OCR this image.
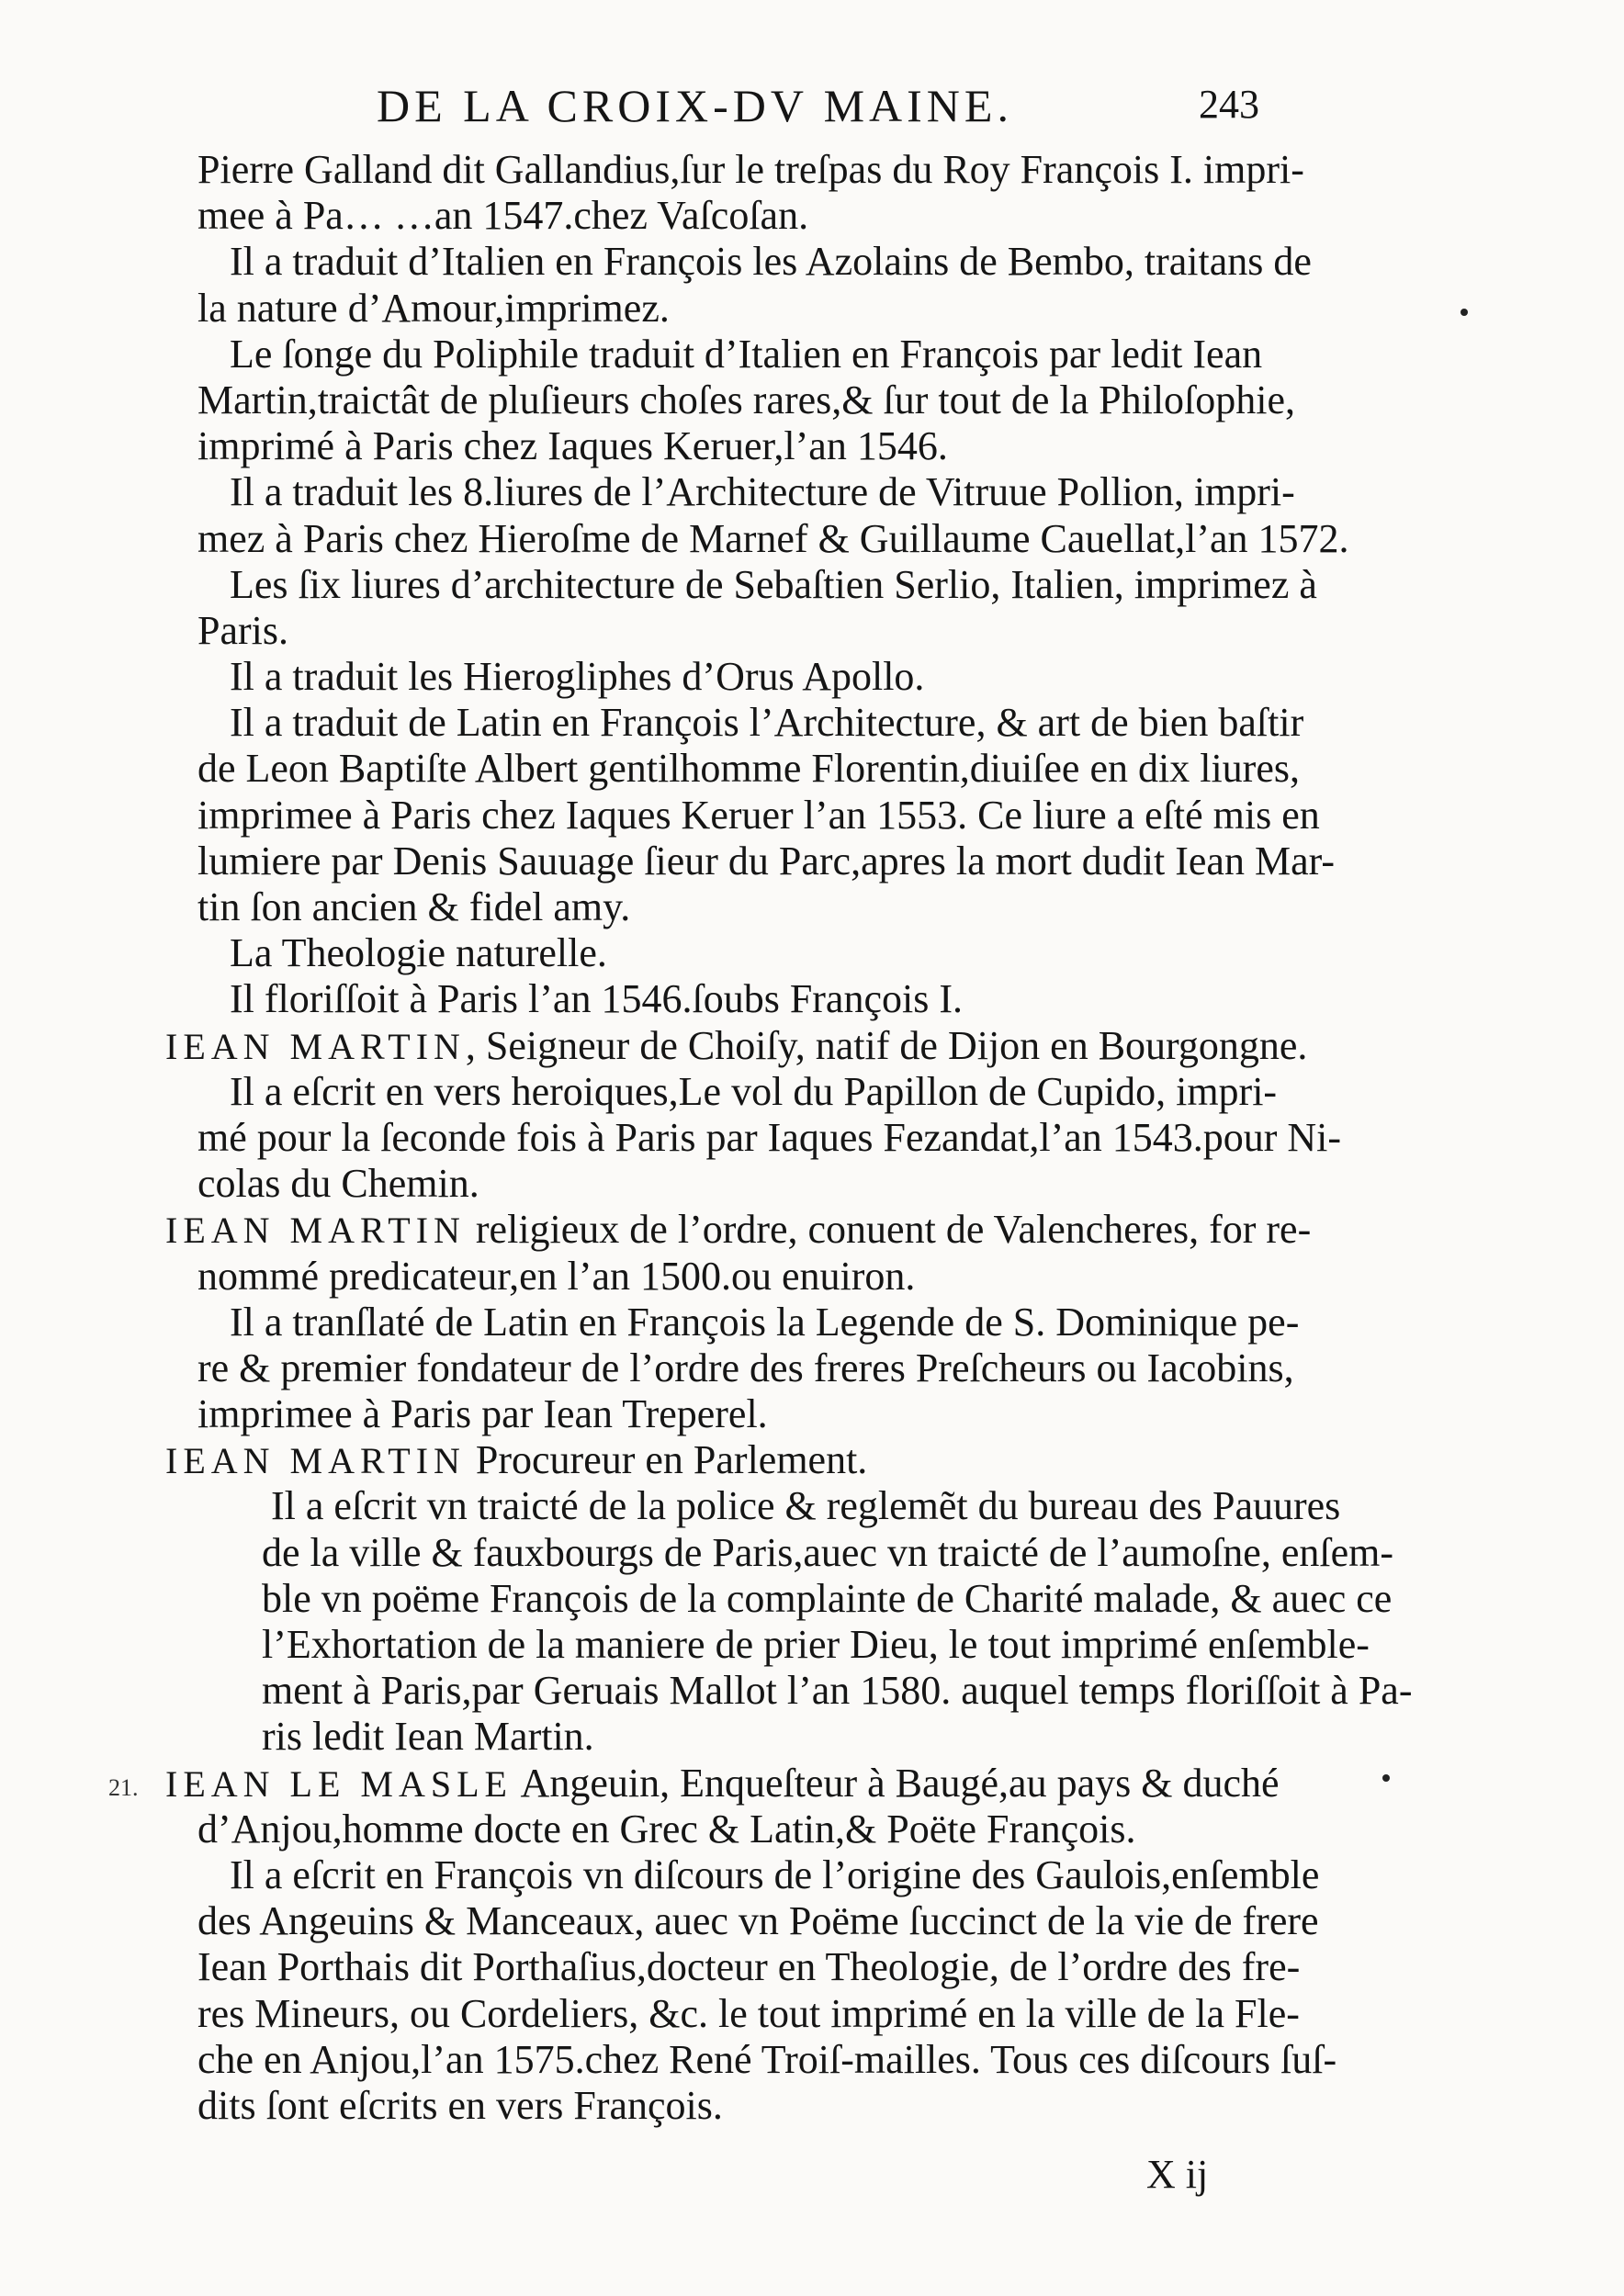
DE LA CROIX-DV MAINE.	243
Pierre Galland dit Gallandius,ſur le treſpas du Roy François I. impri-
mee à Pa… …an 1547.chez Vaſcoſan.
Il a traduit d’Italien en François les Azolains de Bembo, traitans de
la nature d’Amour,imprimez.
Le ſonge du Poliphile traduit d’Italien en François par ledit Iean
Martin,traictât de pluſieurs choſes rares,& ſur tout de la Philoſophie,
imprimé à Paris chez Iaques Keruer,l’an 1546.
Il a traduit les 8.liures de l’Architecture de Vitruue Pollion, impri-
mez à Paris chez Hieroſme de Marnef & Guillaume Cauellat,l’an 1572.
Les ſix liures d’architecture de Sebaſtien Serlio, Italien, imprimez à
Paris.
Il a traduit les Hierogliphes d’Orus Apollo.
Il a traduit de Latin en François l’Architecture, & art de bien baſtir
de Leon Baptiſte Albert gentilhomme Florentin,diuiſee en dix liures,
imprimee à Paris chez Iaques Keruer l’an 1553. Ce liure a eſté mis en
lumiere par Denis Sauuage ſieur du Parc,apres la mort dudit Iean Mar-
tin ſon ancien & fidel amy.
La Theologie naturelle.
Il floriſſoit à Paris l’an 1546.ſoubs François I.
IEAN MARTIN, Seigneur de Choiſy, natif de Dijon en Bourgongne.
Il a eſcrit en vers heroiques,Le vol du Papillon de Cupido, impri-
mé pour la ſeconde fois à Paris par Iaques Fezandat,l’an 1543.pour Ni-
colas du Chemin.
IEAN MARTIN religieux de l’ordre, conuent de Valencheres, for re-
nommé predicateur,en l’an 1500.ou enuiron.
Il a tranſlaté de Latin en François la Legende de S. Dominique pe-
re & premier fondateur de l’ordre des freres Preſcheurs ou Iacobins,
imprimee à Paris par Iean Treperel.
IEAN MARTIN Procureur en Parlement.
Il a eſcrit vn traicté de la police & reglemẽt du bureau des Pauures
de la ville & fauxbourgs de Paris,auec vn traicté de l’aumoſne, enſem-
ble vn poëme François de la complainte de Charité malade, & auec ce
l’Exhortation de la maniere de prier Dieu, le tout imprimé enſemble-
ment à Paris,par Geruais Mallot l’an 1580. auquel temps floriſſoit à Pa-
ris ledit Iean Martin.
IEAN LE MASLE Angeuin, Enqueſteur à Baugé,au pays & duché
d’Anjou,homme docte en Grec & Latin,& Poëte François.
Il a eſcrit en François vn diſcours de l’origine des Gaulois,enſemble
des Angeuins & Manceaux, auec vn Poëme ſuccinct de la vie de frere
Iean Porthais dit Porthaſius,docteur en Theologie, de l’ordre des fre-
res Mineurs, ou Cordeliers, &c. le tout imprimé en la ville de la Fle-
che en Anjou,l’an 1575.chez René Troiſ-mailles. Tous ces diſcours ſuſ-
dits ſont eſcrits en vers François.
21.
X ij
